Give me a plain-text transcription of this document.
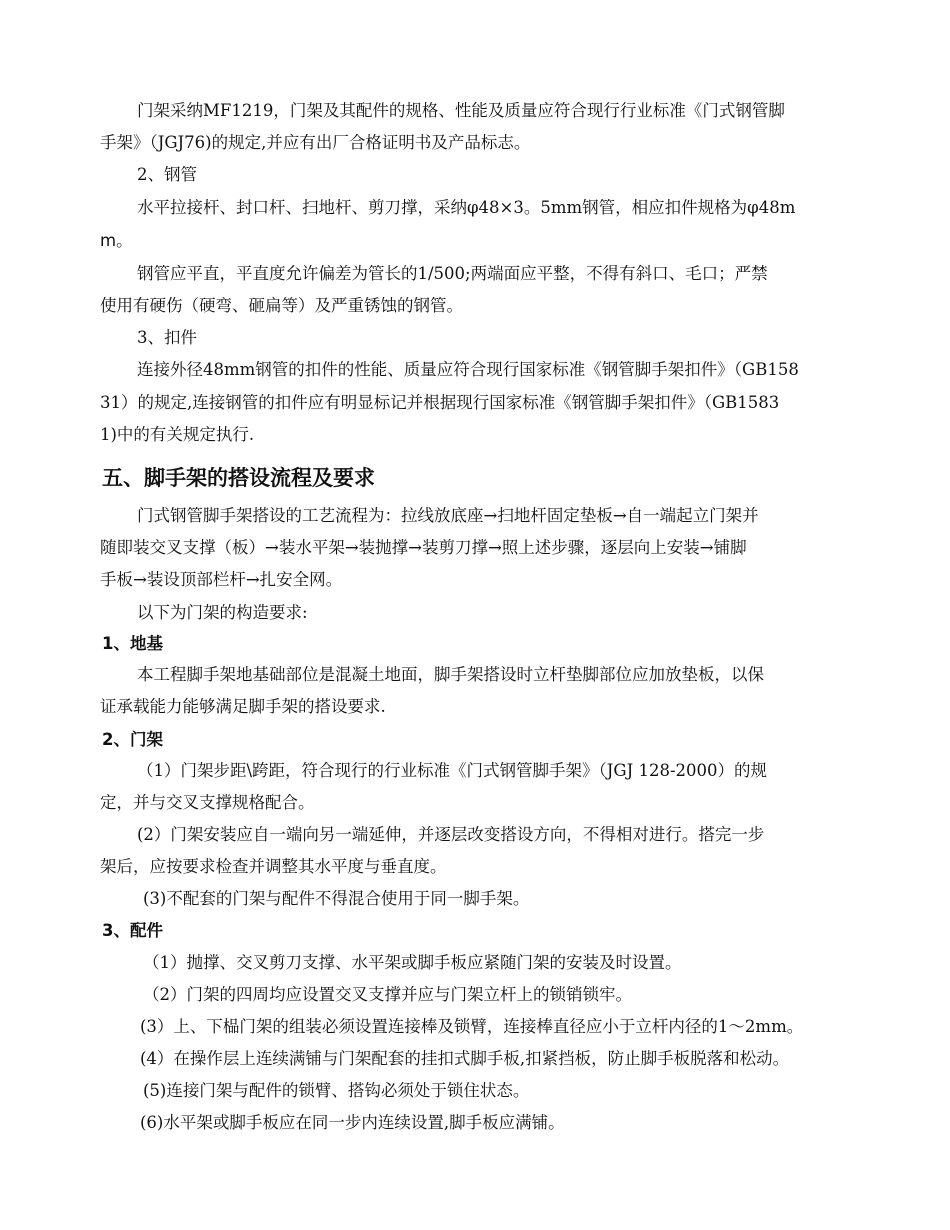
门架采纳MF1219，门架及其配件的规格、性能及质量应符合现行行业标准《门式钢管脚
手架》（JGJ76)的规定,并应有出厂合格证明书及产品标志。
2、钢管
水平拉接杆、封口杆、扫地杆、剪刀撑，采纳φ48×3。5mm钢管，相应扣件规格为φ48m
m。
钢管应平直，平直度允许偏差为管长的1/500;两端面应平整，不得有斜口、毛口；严禁
使用有硬伤（硬弯、砸扁等）及严重锈蚀的钢管。
3、扣件
连接外径48mm钢管的扣件的性能、质量应符合现行国家标准《钢管脚手架扣件》（GB158
31）的规定,连接钢管的扣件应有明显标记并根据现行国家标准《钢管脚手架扣件》（GB1583
1)中的有关规定执行.
五、脚手架的搭设流程及要求
门式钢管脚手架搭设的工艺流程为：拉线放底座→扫地杆固定垫板→自一端起立门架并
随即装交叉支撑（板）→装水平架→装抛撑→装剪刀撑→照上述步骤，逐层向上安装→铺脚
手板→装设顶部栏杆→扎安全网。
以下为门架的构造要求:
1、地基
本工程脚手架地基础部位是混凝土地面，脚手架搭设时立杆垫脚部位应加放垫板，以保
证承载能力能够满足脚手架的搭设要求.
2、门架
（1）门架步距\跨距，符合现行的行业标准《门式钢管脚手架》（JGJ 128-2000）的规
定，并与交叉支撑规格配合。
(2）门架安装应自一端向另一端延伸，并逐层改变搭设方向，不得相对进行。搭完一步
架后，应按要求检查并调整其水平度与垂直度。
(3)不配套的门架与配件不得混合使用于同一脚手架。
3、配件
（1）抛撑、交叉剪刀支撑、水平架或脚手板应紧随门架的安装及时设置。
（2）门架的四周均应设置交叉支撑并应与门架立杆上的锁销锁牢。
(3）上、下榀门架的组装必须设置连接棒及锁臂，连接棒直径应小于立杆内径的1～2mm。
(4）在操作层上连续满铺与门架配套的挂扣式脚手板,扣紧挡板，防止脚手板脱落和松动。
(5)连接门架与配件的锁臂、搭钩必须处于锁住状态。
(6)水平架或脚手板应在同一步内连续设置,脚手板应满铺。
